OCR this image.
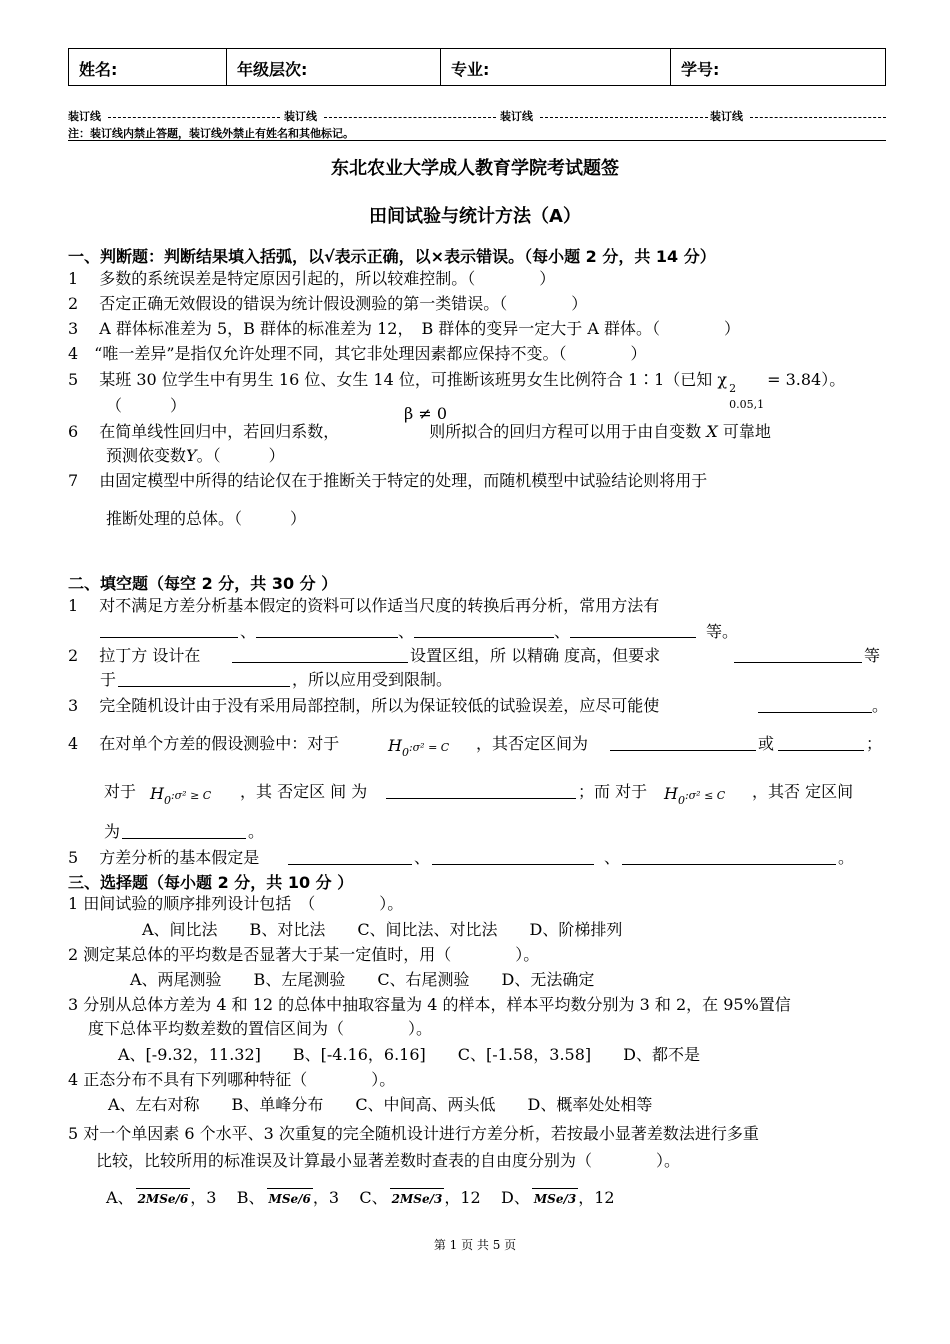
姓名:	年级层次:	专业:	学号:
装订线	装订线	装订线	装订线
注：装订线内禁止答题，装订线外禁止有姓名和其他标记。
东北农业大学成人教育学院考试题签
田间试验与统计方法（A）
一、判断题：判断结果填入括弧，以√表示正确，以×表示错误。（每小题 2 分，共 14 分）
1　 多数的系统误差是特定原因引起的，所以较难控制。（　　　　）
2　 否定正确无效假设的错误为统计假设测验的第一类错误。（　　　　）
3　 A 群体标准差为 5，B 群体的标准差为 12，　B 群体的变异一定大于 A 群体。（　　　　）
4　“唯一差异”是指仅允许处理不同，其它非处理因素都应保持不变。（　　　　）
5　 某班 30 位学生中有男生 16 位、女生 14 位，可推断该班男女生比例符合 1∶1（已知 χ 2
0.05,1
= 3.84）。
（　　　）	β ≠ 0
6　 在简单线性回归中，若回归系数，	则所拟合的回归方程可以用于由自变数 X 可靠地
预测依变数Y。（　　　）
7　 由固定模型中所得的结论仅在于推断关于特定的处理，而随机模型中试验结论则将用于
推断处理的总体。（　　　）
二、填空题（每空 2 分，共 30 分 ）
1　 对不满足方差分析基本假定的资料可以作适当尺度的转换后再分析，常用方法有
、	、	、	等。
2　 拉丁方 设计在	设置区组，所 以精确 度高，但要求	等
于	，所以应用受到限制。
3　 完全随机设计由于没有采用局部控制，所以为保证较低的试验误差，应尽可能使	。
4　 在对单个方差的假设测验中：对于	$H_0:\sigma^2 = C$ ，其否定区间为	或	；
对于 $H_0:\sigma^2 \ge C$ ，其 否定区 间 为	；而 对于 $H_0:\sigma^2 \le C$ ，其否 定区间
为	。
5　 方差分析的基本假定是	、	、	。
三、选择题（每小题 2 分，共 10 分 ）
1 田间试验的顺序排列设计包括　（　　　　）。
A、间比法　　B、对比法　　C、间比法、对比法　　D、阶梯排列
2 测定某总体的平均数是否显著大于某一定值时，用（　　　　）。
A、两尾测验　　B、左尾测验　　C、右尾测验　　D、无法确定
3 分别从总体方差为 4 和 12 的总体中抽取容量为 4 的样本，样本平均数分别为 3 和 2，在 95%置信
度下总体平均数差数的置信区间为（　　　　）。
A、[-9.32，11.32]　　B、[-4.16，6.16]　　C、[-1.58，3.58]　　D、都不是
4 正态分布不具有下列哪种特征（　　　　）。
A、左右对称　　B、单峰分布　　C、中间高、两头低　　D、概率处处相等
5 对一个单因素 6 个水平、3 次重复的完全随机设计进行方差分析，若按最小显著差数法进行多重
比较，比较所用的标准误及计算最小显著差数时查表的自由度分别为（　　　　）。
A、 2MSe/6 ，3 B、 MSe/6 ，3 C、 2MSe/3 ，12 D、 MSe/3 ，12
第 1 页 共 5 页
